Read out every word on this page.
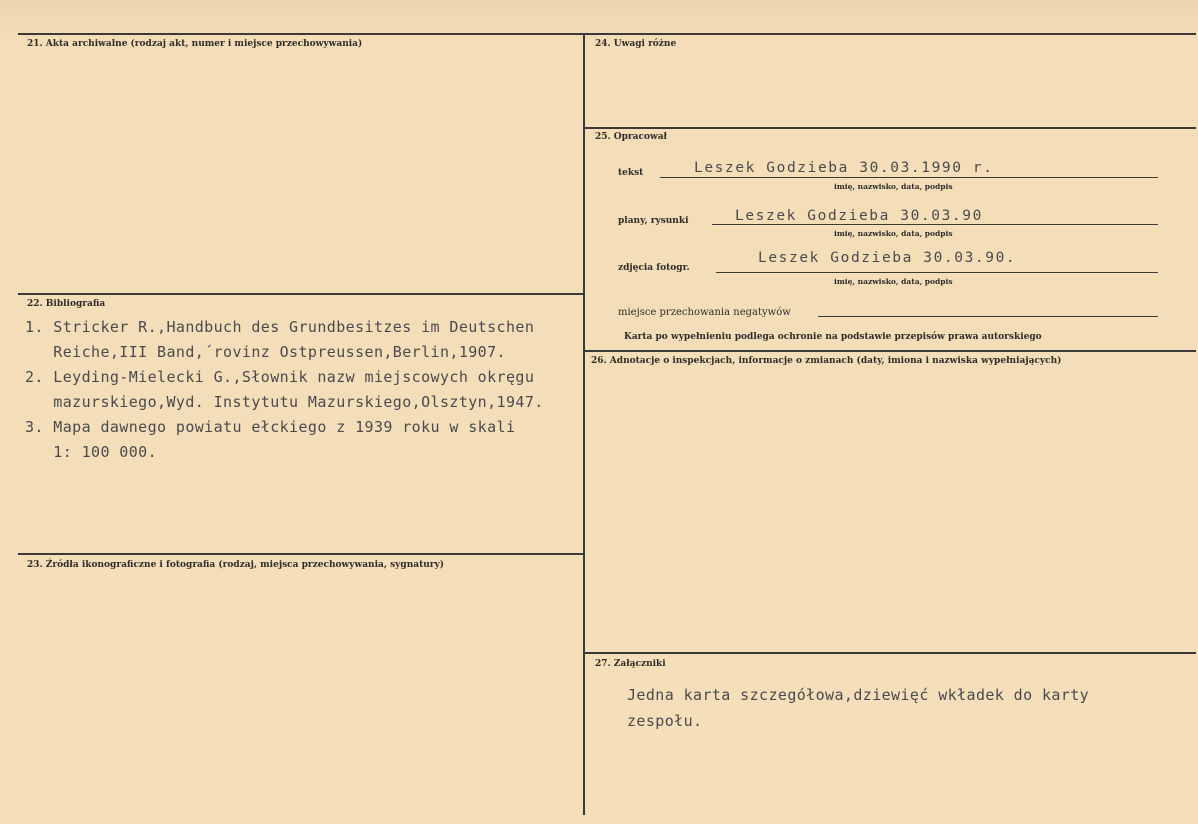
21. Akta archiwalne (rodzaj akt, numer i miejsce przechowywania)
22. Bibliografia
1. Stricker R.,Handbuch des Grundbesitzes im Deutschen
Reiche,III Band,´rovinz Ostpreussen,Berlin,1907.
2. Leyding-Mielecki G.,Słownik nazw miejscowych okręgu
mazurskiego,Wyd. Instytutu Mazurskiego,Olsztyn,1947.
3. Mapa dawnego powiatu ełckiego z 1939 roku w skali
1: 100 000.
23. Źródła ikonograficzne i fotografia (rodzaj, miejsca przechowywania, sygnatury)
24. Uwagi różne
25. Opracował
tekst	Leszek Godzieba 30.03.1990 r.
imię, nazwisko, data, podpis
plany, rysunki	Leszek Godzieba 30.03.90
imię, nazwisko, data, podpis
zdjęcia fotogr.
Leszek Godzieba 30.03.90.
imię, nazwisko, data, podpis
miejsce przechowania negatywów
Karta po wypełnieniu podlega ochronie na podstawie przepisów prawa autorskiego
26. Adnotacje o inspekcjach, informacje o zmianach (daty, imiona i nazwiska wypełniających)
27. Załączniki
Jedna karta szczegółowa,dziewięć wkładek do karty
zespołu.
